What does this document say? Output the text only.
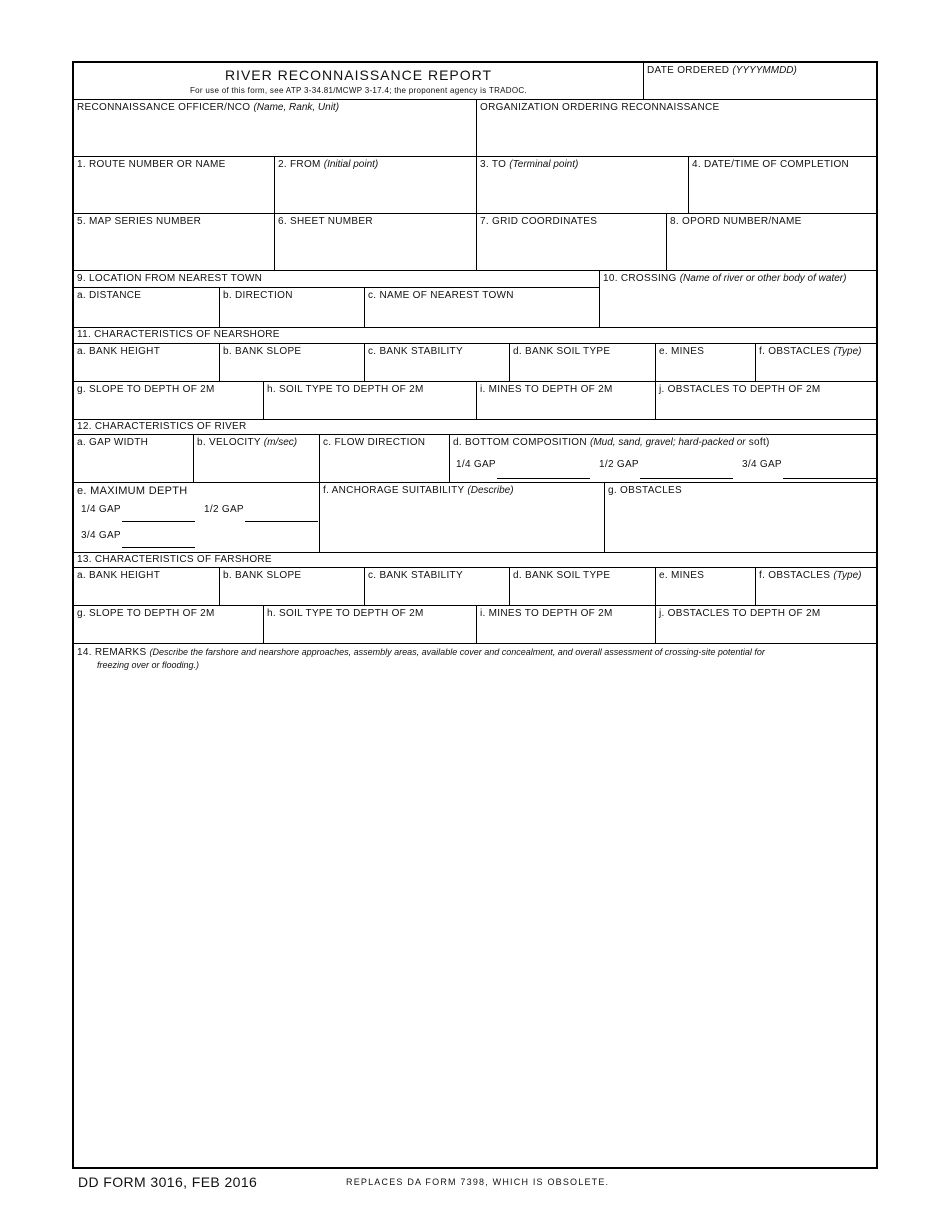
RIVER RECONNAISSANCE REPORT
For use of this form, see ATP 3-34.81/MCWP 3-17.4; the proponent agency is TRADOC.
DATE ORDERED (YYYYMMDD)
RECONNAISSANCE OFFICER/NCO (Name, Rank, Unit)	ORGANIZATION ORDERING RECONNAISSANCE
1. ROUTE NUMBER OR NAME	2. FROM (Initial point)	3. TO (Terminal point)	4. DATE/TIME OF COMPLETION
5. MAP SERIES NUMBER	6. SHEET NUMBER	7. GRID COORDINATES	8. OPORD NUMBER/NAME
9. LOCATION FROM NEAREST TOWN
a. DISTANCE	b. DIRECTION	c. NAME OF NEAREST TOWN
10. CROSSING (Name of river or other body of water)
11. CHARACTERISTICS OF NEARSHORE
a. BANK HEIGHT	b. BANK SLOPE	c. BANK STABILITY	d. BANK SOIL TYPE	e. MINES	f. OBSTACLES (Type)
g. SLOPE TO DEPTH OF 2M	h. SOIL TYPE TO DEPTH OF 2M	i. MINES TO DEPTH OF 2M	j. OBSTACLES TO DEPTH OF 2M
12. CHARACTERISTICS OF RIVER
a. GAP WIDTH	b. VELOCITY (m/sec)	c. FLOW DIRECTION	d. BOTTOM COMPOSITION (Mud, sand, gravel; hard-packed or soft)
1/4 GAP	1/2 GAP	3/4 GAP
e. MAXIMUM DEPTH
1/4 GAP	1/2 GAP
3/4 GAP
f. ANCHORAGE SUITABILITY (Describe)	g. OBSTACLES
13. CHARACTERISTICS OF FARSHORE
a. BANK HEIGHT	b. BANK SLOPE	c. BANK STABILITY	d. BANK SOIL TYPE	e. MINES	f. OBSTACLES (Type)
g. SLOPE TO DEPTH OF 2M	h. SOIL TYPE TO DEPTH OF 2M	i. MINES TO DEPTH OF 2M	j. OBSTACLES TO DEPTH OF 2M
14. REMARKS (Describe the farshore and nearshore approaches, assembly areas, available cover and concealment, and overall assessment of crossing-site potential for
freezing over or flooding.)
DD FORM 3016, FEB 2016	REPLACES DA FORM 7398, WHICH IS OBSOLETE.
